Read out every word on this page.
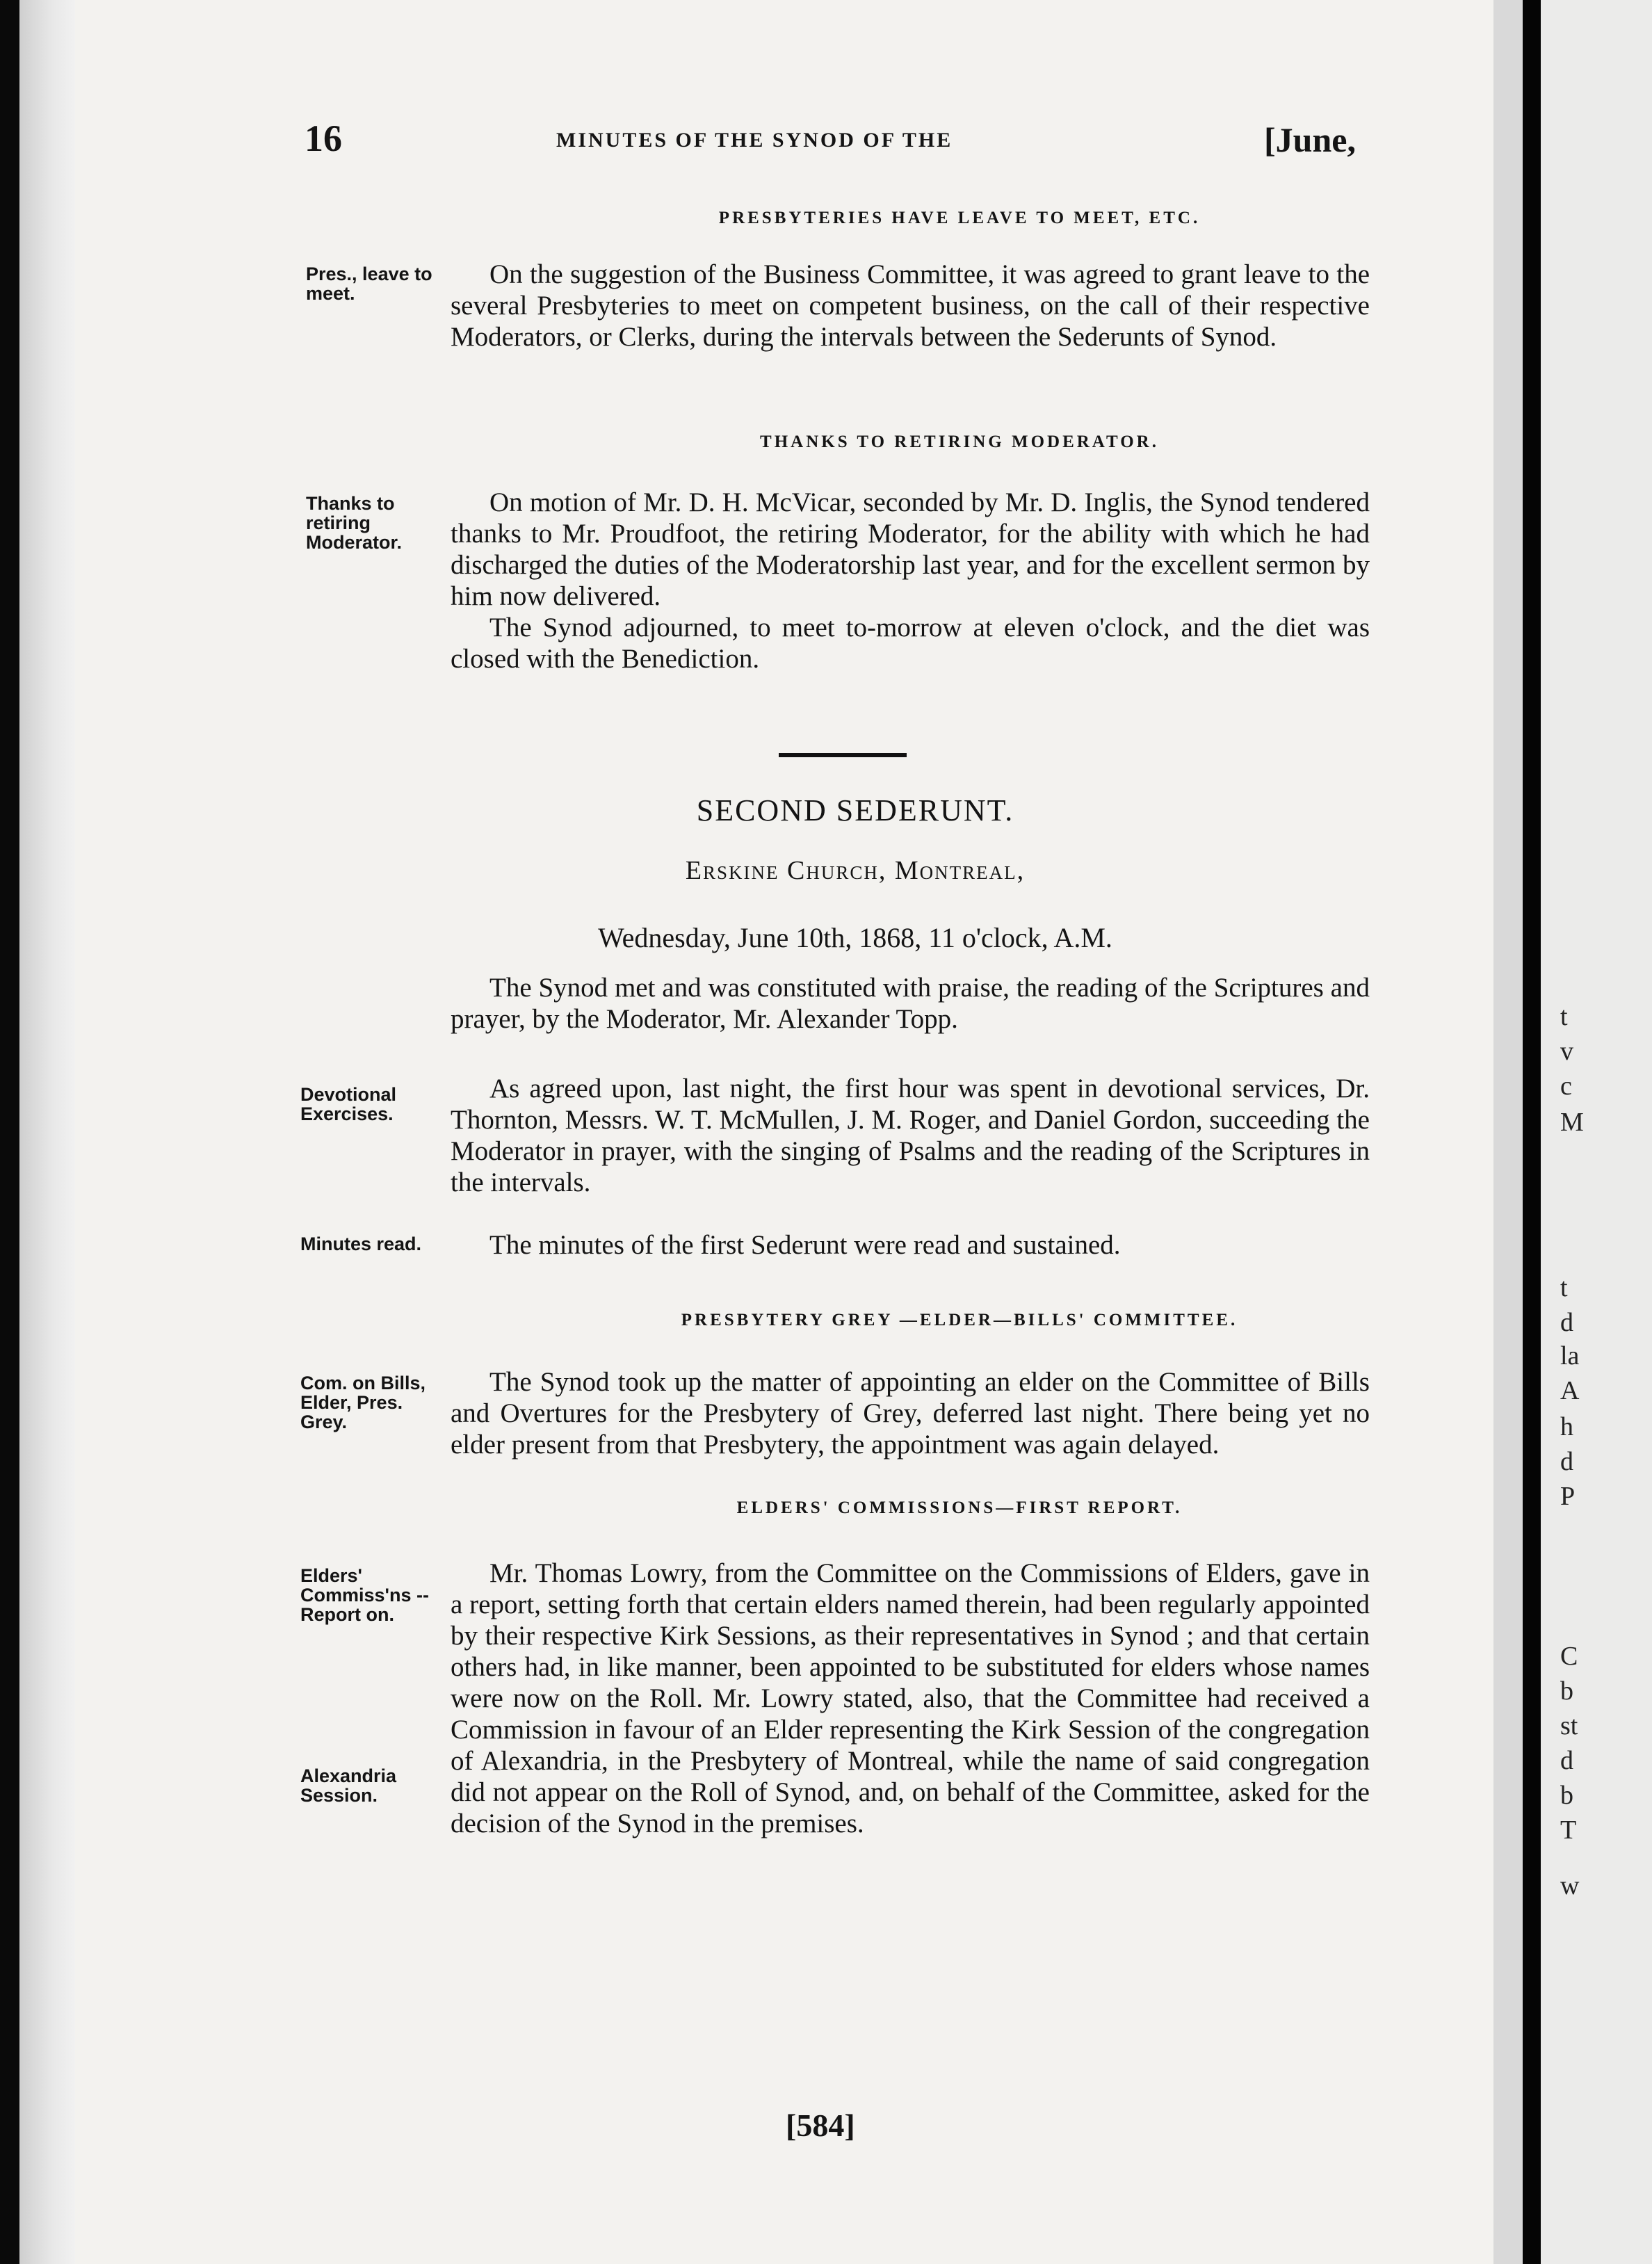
t
v
c
M
t
d
la
A
h
d
P
C
b
st
d
b
T
w
16	MINUTES OF THE SYNOD OF THE	[June,
PRESBYTERIES HAVE LEAVE TO MEET, ETC.
Pres., leave to meet.

On the suggestion of the Business Committee, it was agreed to grant leave to the several Presbyteries to meet on competent business, on the call of their respective Moderators, or Clerks, during the intervals between the Sederunts of Synod.

THANKS TO RETIRING MODERATOR.
Thanks to retiring Moderator.

On motion of Mr. D. H. McVicar, seconded by Mr. D. Inglis, the Synod tendered thanks to Mr. Proudfoot, the retiring Moderator, for the ability with which he had discharged the duties of the Moderatorship last year, and for the excellent sermon by him now delivered.

The Synod adjourned, to meet to-morrow at eleven o'clock, and the diet was closed with the Benediction.

SECOND SEDERUNT.
Erskine Church, Montreal,
Wednesday, June 10th, 1868, 11 o'clock, A.M.

The Synod met and was constituted with praise, the reading of the Scriptures and prayer, by the Moderator, Mr. Alexander Topp.

Devotional Exercises.

As agreed upon, last night, the first hour was spent in devotional services, Dr. Thornton, Messrs. W. T. McMullen, J. M. Roger, and Daniel Gordon, succeeding the Moderator in prayer, with the singing of Psalms and the reading of the Scriptures in the intervals.

Minutes read.	The minutes of the first Sederunt were read and sustained.

PRESBYTERY GREY —ELDER—BILLS' COMMITTEE.
Com. on Bills, Elder, Pres. Grey.

The Synod took up the matter of appointing an elder on the Committee of Bills and Overtures for the Presbytery of Grey, deferred last night. There being yet no elder present from that Presbytery, the appointment was again delayed.

ELDERS' COMMISSIONS—FIRST REPORT.
Elders' Commiss'ns --Report on.
Alexandria Session.

Mr. Thomas Lowry, from the Committee on the Commissions of Elders, gave in a report, setting forth that certain elders named therein, had been regularly appointed by their respective Kirk Sessions, as their representatives in Synod ; and that certain others had, in like manner, been appointed to be substituted for elders whose names were now on the Roll. Mr. Lowry stated, also, that the Committee had received a Commission in favour of an Elder representing the Kirk Session of the congregation of Alexandria, in the Presbytery of Montreal, while the name of said congregation did not appear on the Roll of Synod, and, on behalf of the Committee, asked for the decision of the Synod in the premises.

[584]
